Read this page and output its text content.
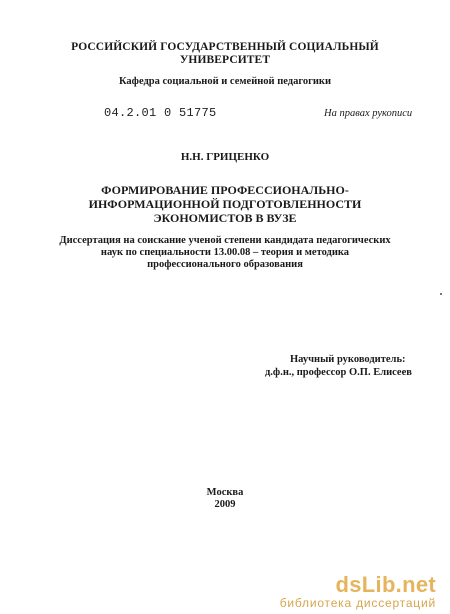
РОССИЙСКИЙ ГОСУДАРСТВЕННЫЙ СОЦИАЛЬНЫЙ
УНИВЕРСИТЕТ
Кафедра социальной и семейной педагогики
04.2.01 0 51775	На правах рукописи
Н.Н. ГРИЦЕНКО
ФОРМИРОВАНИЕ ПРОФЕССИОНАЛЬНО-
ИНФОРМАЦИОННОЙ ПОДГОТОВЛЕННОСТИ
ЭКОНОМИСТОВ В ВУЗЕ
Диссертация на соискание ученой степени кандидата педагогических
наук по специальности 13.00.08 – теория и методика
профессионального образования
Научный руководитель:
д.ф.н., профессор О.П. Елисеев
Москва
2009
dsLib.net
библиотека диссертаций
